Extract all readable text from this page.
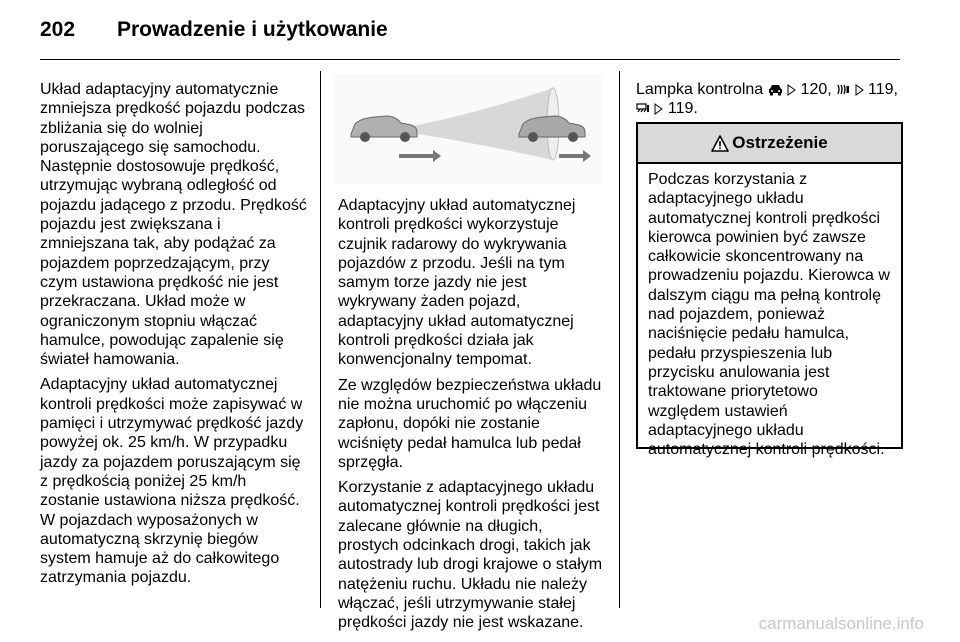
202 Prowadzenie i użytkowanie

Układ adaptacyjny automatycznie
zmniejsza prędkość pojazdu podczas
zbliżania się do wolniej
poruszającego się samochodu.
Następnie dostosowuje prędkość,
utrzymując wybraną odległość od
pojazdu jadącego z przodu. Prędkość
pojazdu jest zwiększana i
zmniejszana tak, aby podążać za
pojazdem poprzedzającym, przy
czym ustawiona prędkość nie jest
przekraczana. Układ może w
ograniczonym stopniu włączać
hamulce, powodując zapalenie się
świateł hamowania.

Adaptacyjny układ automatycznej
kontroli prędkości może zapisywać w
pamięci i utrzymywać prędkość jazdy
powyżej ok. 25 km/h. W przypadku
jazdy za pojazdem poruszającym się
z prędkością poniżej 25 km/h
zostanie ustawiona niższa prędkość.
W pojazdach wyposażonych w
automatyczną skrzynię biegów
system hamuje aż do całkowitego
zatrzymania pojazdu.

Adaptacyjny układ automatycznej
kontroli prędkości wykorzystuje
czujnik radarowy do wykrywania
pojazdów z przodu. Jeśli na tym
samym torze jazdy nie jest
wykrywany żaden pojazd,
adaptacyjny układ automatycznej
kontroli prędkości działa jak
konwencjonalny tempomat.

Ze względów bezpieczeństwa układu
nie można uruchomić po włączeniu
zapłonu, dopóki nie zostanie
wciśnięty pedał hamulca lub pedał
sprzęgła.

Korzystanie z adaptacyjnego układu
automatycznej kontroli prędkości jest
zalecane głównie na długich,
prostych odcinkach drogi, takich jak
autostrady lub drogi krajowe o stałym
natężeniu ruchu. Układu nie należy
włączać, jeśli utrzymywanie stałej
prędkości jazdy nie jest wskazane.

Lampka kontrolna 120, 119,
119.

Ostrzeżenie
Podczas korzystania z
adaptacyjnego układu
automatycznej kontroli prędkości
kierowca powinien być zawsze
całkowicie skoncentrowany na
prowadzeniu pojazdu. Kierowca w
dalszym ciągu ma pełną kontrolę
nad pojazdem, ponieważ
naciśnięcie pedału hamulca,
pedału przyspieszenia lub
przycisku anulowania jest
traktowane priorytetowo
względem ustawień
adaptacyjnego układu
automatycznej kontroli prędkości.
carmanualsonline.info
